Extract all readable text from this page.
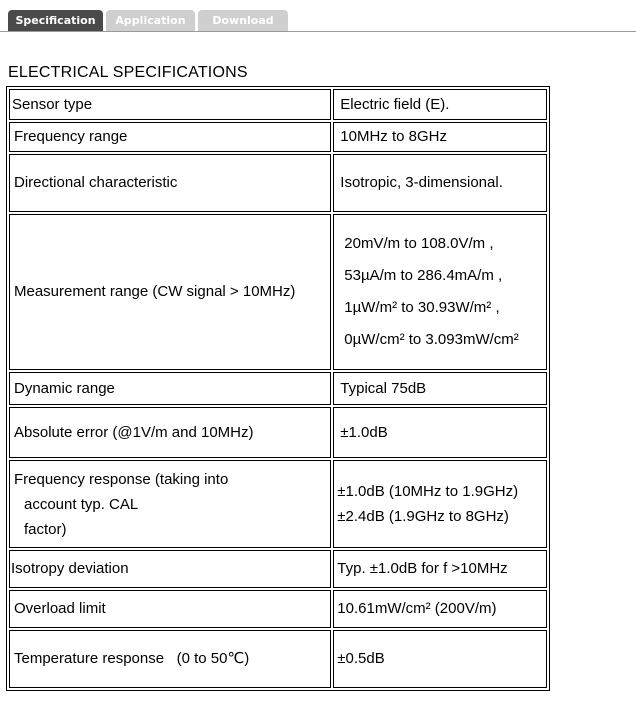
Specification	Application	Download
ELECTRICAL SPECIFICATIONS
Sensor type	Electric field (E).
Frequency range	10MHz to 8GHz
Directional characteristic	Isotropic, 3-dimensional.
Measurement range (CW signal > 10MHz)	20mV/m to 108.0V/m ,
53µA/m to 286.4mA/m ,
1µW/m² to 30.93W/m² ,
0µW/cm² to 3.093mW/cm²

Dynamic range	Typical 75dB
Absolute error (@1V/m and 10MHz)	±1.0dB

Frequency response (taking into
account typ. CAL
factor)	±1.0dB (10MHz to 1.9GHz)
±2.4dB (1.9GHz to 8GHz)

Isotropy deviation	Typ. ±1.0dB for f >10MHz
Overload limit	10.61mW/cm² (200V/m)
Temperature response   (0 to 50℃)	±0.5dB
